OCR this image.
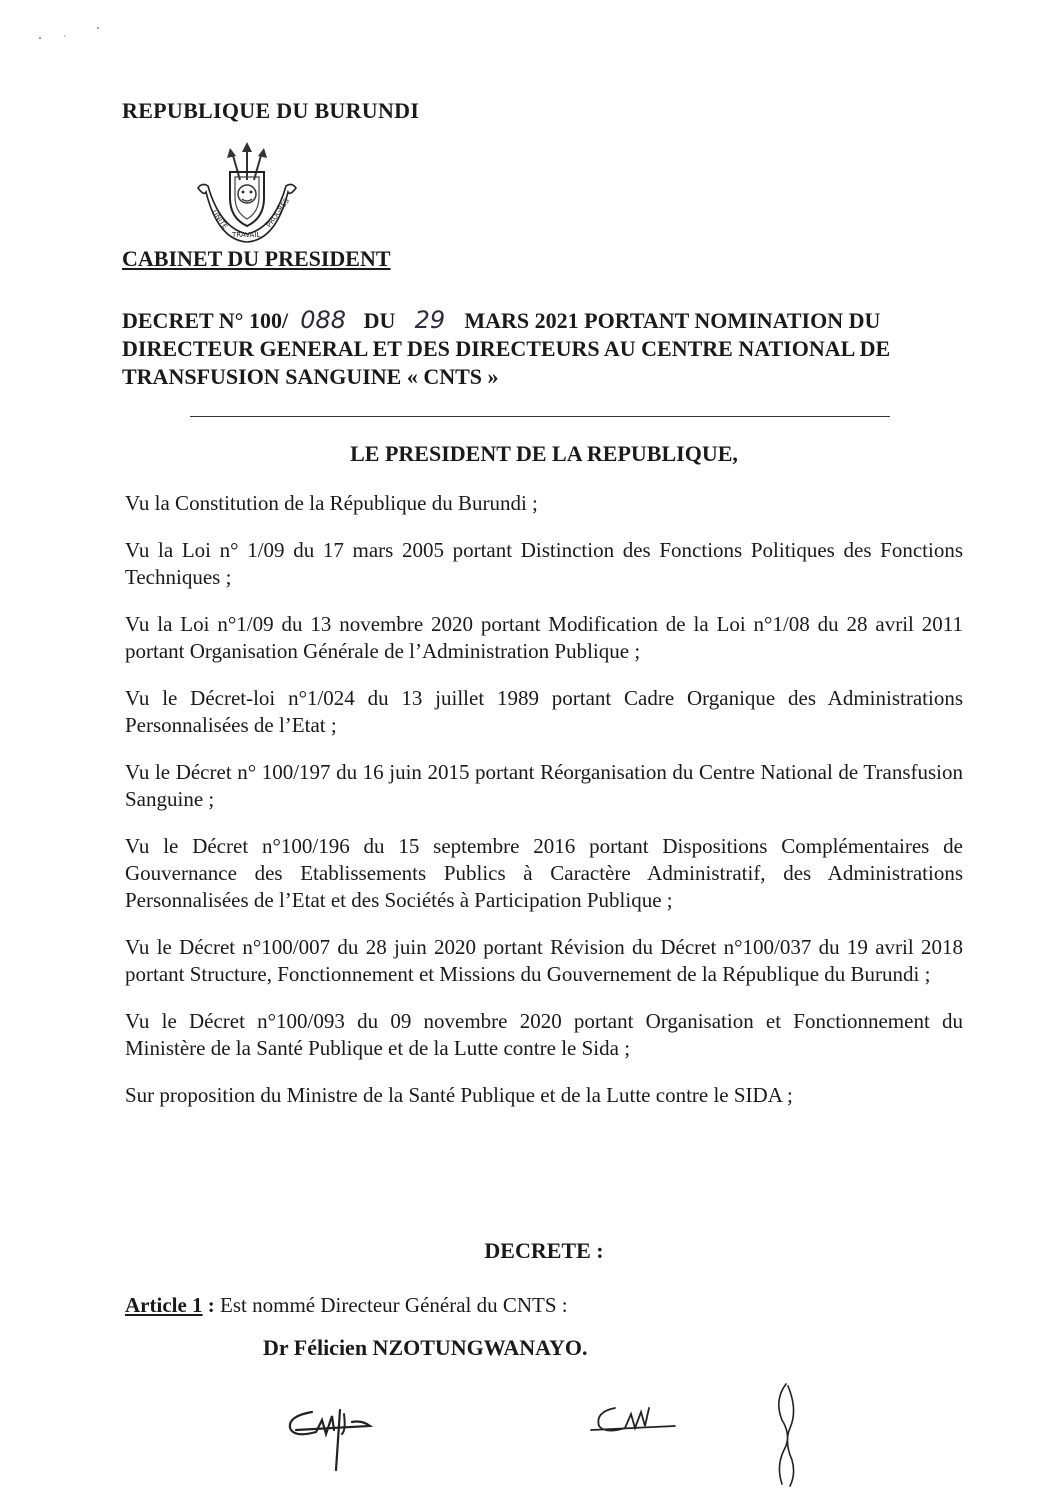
REPUBLIQUE DU BURUNDI
UNITE
TRAVAIL
PROGRES
CABINET DU PRESIDENT
DECRET N° 100/ 088 DU 29 MARS 2021 PORTANT NOMINATION DU DIRECTEUR GENERAL ET DES DIRECTEURS AU CENTRE NATIONAL DE TRANSFUSION SANGUINE « CNTS »
LE PRESIDENT DE LA REPUBLIQUE,

Vu la Constitution de la République du Burundi ;

Vu la Loi n° 1/09 du 17 mars 2005 portant Distinction des Fonctions Politiques des Fonctions Techniques ;

Vu la Loi n°1/09 du 13 novembre 2020 portant Modification de la Loi n°1/08 du 28 avril 2011 portant Organisation Générale de l’Administration Publique ;

Vu le Décret-loi n°1/024 du 13 juillet 1989 portant Cadre Organique des Administrations Personnalisées de l’Etat ;

Vu le Décret n° 100/197 du 16 juin 2015 portant Réorganisation du Centre National de Transfusion Sanguine ;

Vu le Décret n°100/196 du 15 septembre 2016 portant Dispositions Complémentaires de Gouvernance des Etablissements Publics à Caractère Administratif, des Administrations Personnalisées de l’Etat et des Sociétés à Participation Publique ;

Vu le Décret n°100/007 du 28 juin 2020 portant Révision du Décret n°100/037 du 19 avril 2018 portant Structure, Fonctionnement et Missions du Gouvernement de la République du Burundi ;

Vu le Décret n°100/093 du 09 novembre 2020 portant Organisation et Fonctionnement du Ministère de la Santé Publique et de la Lutte contre le Sida ;

Sur proposition du Ministre de la Santé Publique et de la Lutte contre le SIDA ;

DECRETE :
Article 1 : Est nommé Directeur Général du CNTS :
Dr Félicien NZOTUNGWANAYO.
